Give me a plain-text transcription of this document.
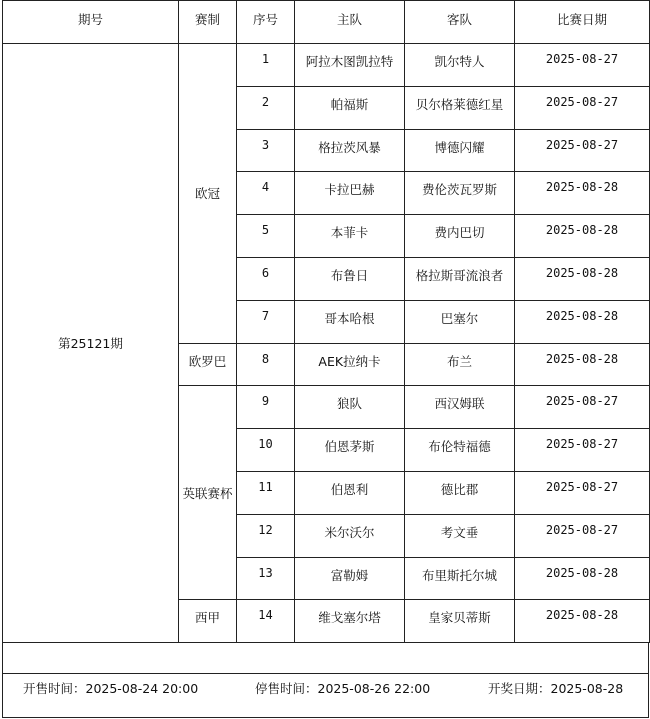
期号	赛制	序号	主队	客队	比赛日期
第25121期	欧冠	1	阿拉木图凯拉特	凯尔特人	2025-08-27
		2	帕福斯	贝尔格莱德红星	2025-08-27
		3	格拉茨风暴	博德闪耀	2025-08-27
		4	卡拉巴赫	费伦茨瓦罗斯	2025-08-28
		5	本菲卡	费内巴切	2025-08-28
		6	布鲁日	格拉斯哥流浪者	2025-08-28
		7	哥本哈根	巴塞尔	2025-08-28
	欧罗巴	8	AEK拉纳卡	布兰	2025-08-28
	英联赛杯	9	狼队	西汉姆联	2025-08-27
		10	伯恩茅斯	布伦特福德	2025-08-27
		11	伯恩利	德比郡	2025-08-27
		12	米尔沃尔	考文垂	2025-08-27
		13	富勒姆	布里斯托尔城	2025-08-28
	西甲	14	维戈塞尔塔	皇家贝蒂斯	2025-08-28
开售时间：2025-08-24 20:00	停售时间：2025-08-26 22:00	开奖日期：2025-08-28
